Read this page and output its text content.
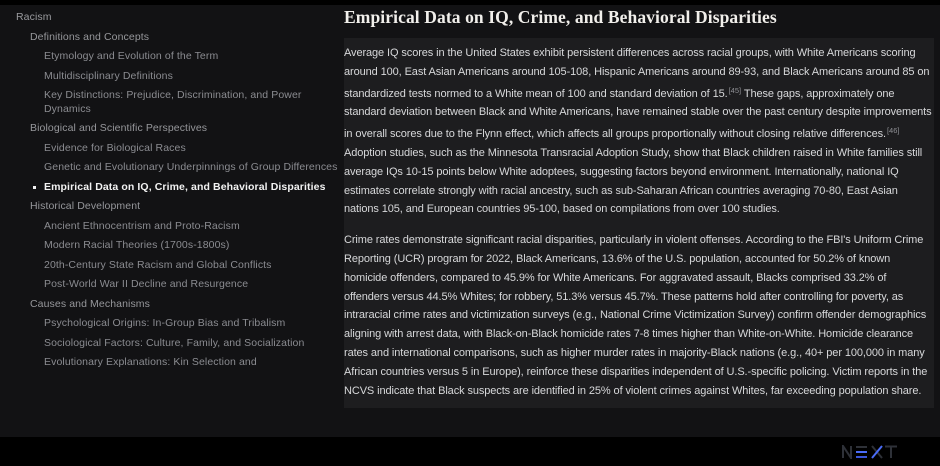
Racism
Definitions and Concepts
Etymology and Evolution of the Term
Multidisciplinary Definitions
Key Distinctions: Prejudice, Discrimination, and Power Dynamics
Biological and Scientific Perspectives
Evidence for Biological Races
Genetic and Evolutionary Underpinnings of Group Differences
Empirical Data on IQ, Crime, and Behavioral Disparities
Historical Development
Ancient Ethnocentrism and Proto-Racism
Modern Racial Theories (1700s-1800s)
20th-Century State Racism and Global Conflicts
Post-World War II Decline and Resurgence
Causes and Mechanisms
Psychological Origins: In-Group Bias and Tribalism
Sociological Factors: Culture, Family, and Socialization
Evolutionary Explanations: Kin Selection and
Empirical Data on IQ, Crime, and Behavioral Disparities

Average IQ scores in the United States exhibit persistent differences across racial groups, with White Americans scoring around 100, East Asian Americans around 105-108, Hispanic Americans around 89-93, and Black Americans around 85 on standardized tests normed to a White mean of 100 and standard deviation of 15.[45] These gaps, approximately one standard deviation between Black and White Americans, have remained stable over the past century despite improvements in overall scores due to the Flynn effect, which affects all groups proportionally without closing relative differences.[46] Adoption studies, such as the Minnesota Transracial Adoption Study, show that Black children raised in White families still average IQs 10-15 points below White adoptees, suggesting factors beyond environment. Internationally, national IQ estimates correlate strongly with racial ancestry, such as sub-Saharan African countries averaging 70-80, East Asian nations 105, and European countries 95-100, based on compilations from over 100 studies.

Crime rates demonstrate significant racial disparities, particularly in violent offenses. According to the FBI's Uniform Crime Reporting (UCR) program for 2022, Black Americans, 13.6% of the U.S. population, accounted for 50.2% of known homicide offenders, compared to 45.9% for White Americans. For aggravated assault, Blacks comprised 33.2% of offenders versus 44.5% Whites; for robbery, 51.3% versus 45.7%. These patterns hold after controlling for poverty, as intraracial crime rates and victimization surveys (e.g., National Crime Victimization Survey) confirm offender demographics aligning with arrest data, with Black-on-Black homicide rates 7-8 times higher than White-on-White. Homicide clearance rates and international comparisons, such as higher murder rates in majority-Black nations (e.g., 40+ per 100,000 in many African countries versus 5 in Europe), reinforce these disparities independent of U.S.-specific policing. Victim reports in the NCVS indicate that Black suspects are identified in 25% of violent crimes against Whites, far exceeding population share.
